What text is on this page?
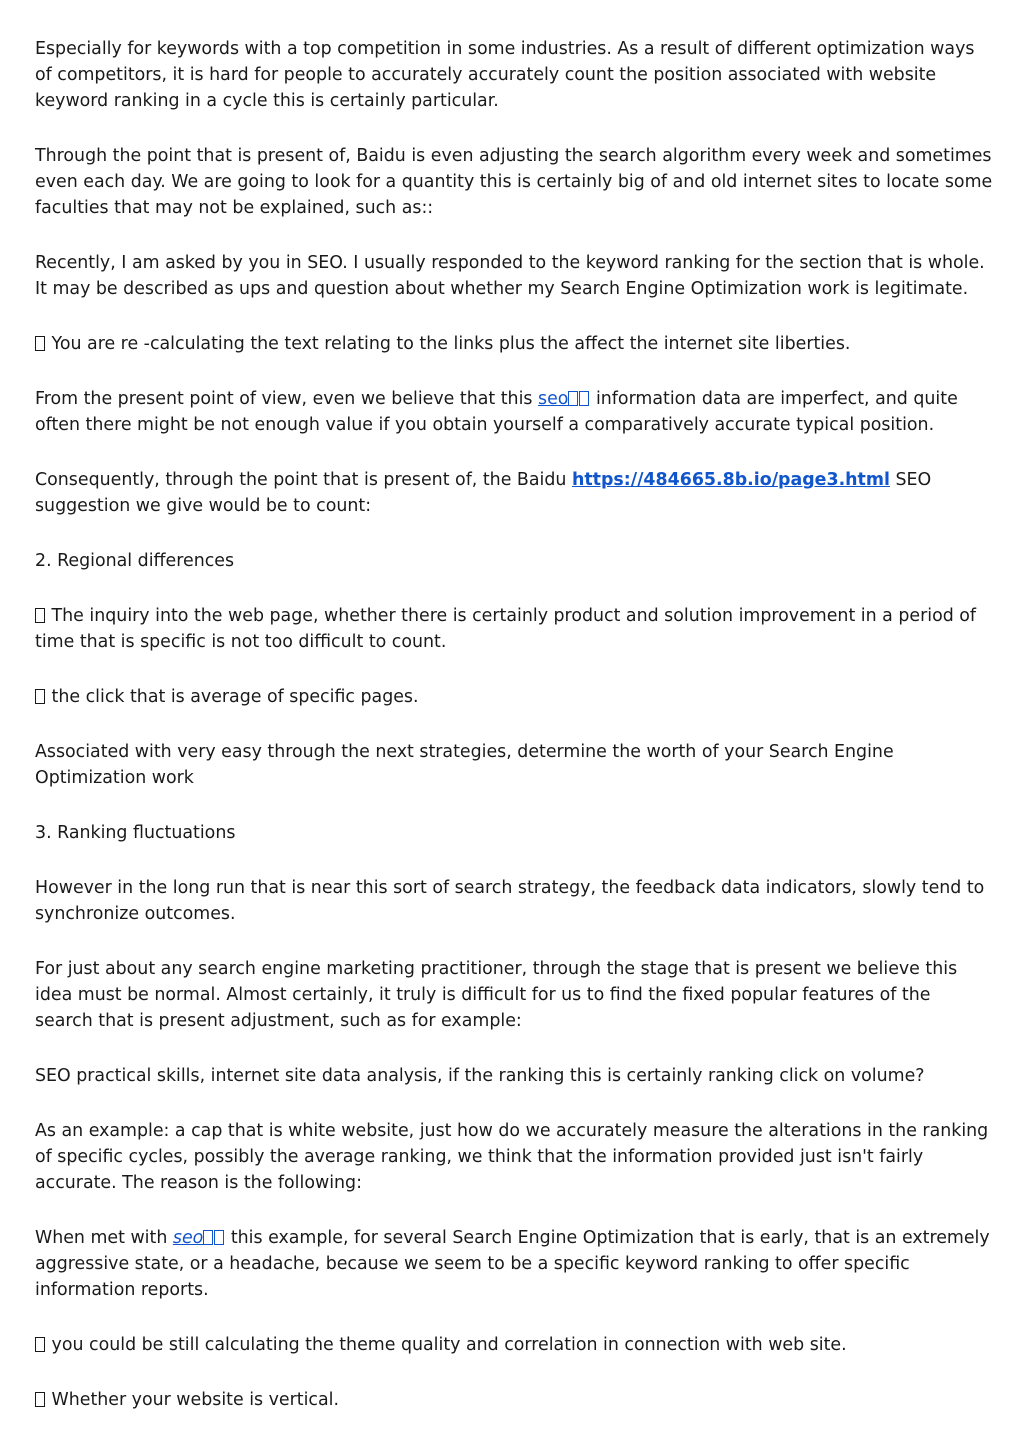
Especially for keywords with a top competition in some industries. As a result of different optimization ways of competitors, it is hard for people to accurately accurately count the position associated with website keyword ranking in a cycle this is certainly particular.

Through the point that is present of, Baidu is even adjusting the search algorithm every week and sometimes even each day. We are going to look for a quantity this is certainly big of and old internet sites to locate some faculties that may not be explained, such as::

Recently, I am asked by you in SEO. I usually responded to the keyword ranking for the section that is whole. It may be described as ups and question about whether my Search Engine Optimization work is legitimate.

You are re -calculating the text relating to the links plus the affect the internet site liberties.

From the present point of view, even we believe that this seo information data are imperfect, and quite often there might be not enough value if you obtain yourself a comparatively accurate typical position.

Consequently, through the point that is present of, the Baidu https://484665.8b.io/page3.html SEO suggestion we give would be to count:

2. Regional differences

The inquiry into the web page, whether there is certainly product and solution improvement in a period of time that is specific is not too difficult to count.

the click that is average of specific pages.

Associated with very easy through the next strategies, determine the worth of your Search Engine Optimization work

3. Ranking fluctuations

However in the long run that is near this sort of search strategy, the feedback data indicators, slowly tend to synchronize outcomes.

For just about any search engine marketing practitioner, through the stage that is present we believe this idea must be normal. Almost certainly, it truly is difficult for us to find the fixed popular features of the search that is present adjustment, such as for example:

SEO practical skills, internet site data analysis, if the ranking this is certainly ranking click on volume?

As an example: a cap that is white website, just how do we accurately measure the alterations in the ranking of specific cycles, possibly the average ranking, we think that the information provided just isn't fairly accurate. The reason is the following:

When met with seo this example, for several Search Engine Optimization that is early, that is an extremely aggressive state, or a headache, because we seem to be a specific keyword ranking to offer specific information reports.

you could be still calculating the theme quality and correlation in connection with web site.

Whether your website is vertical.
